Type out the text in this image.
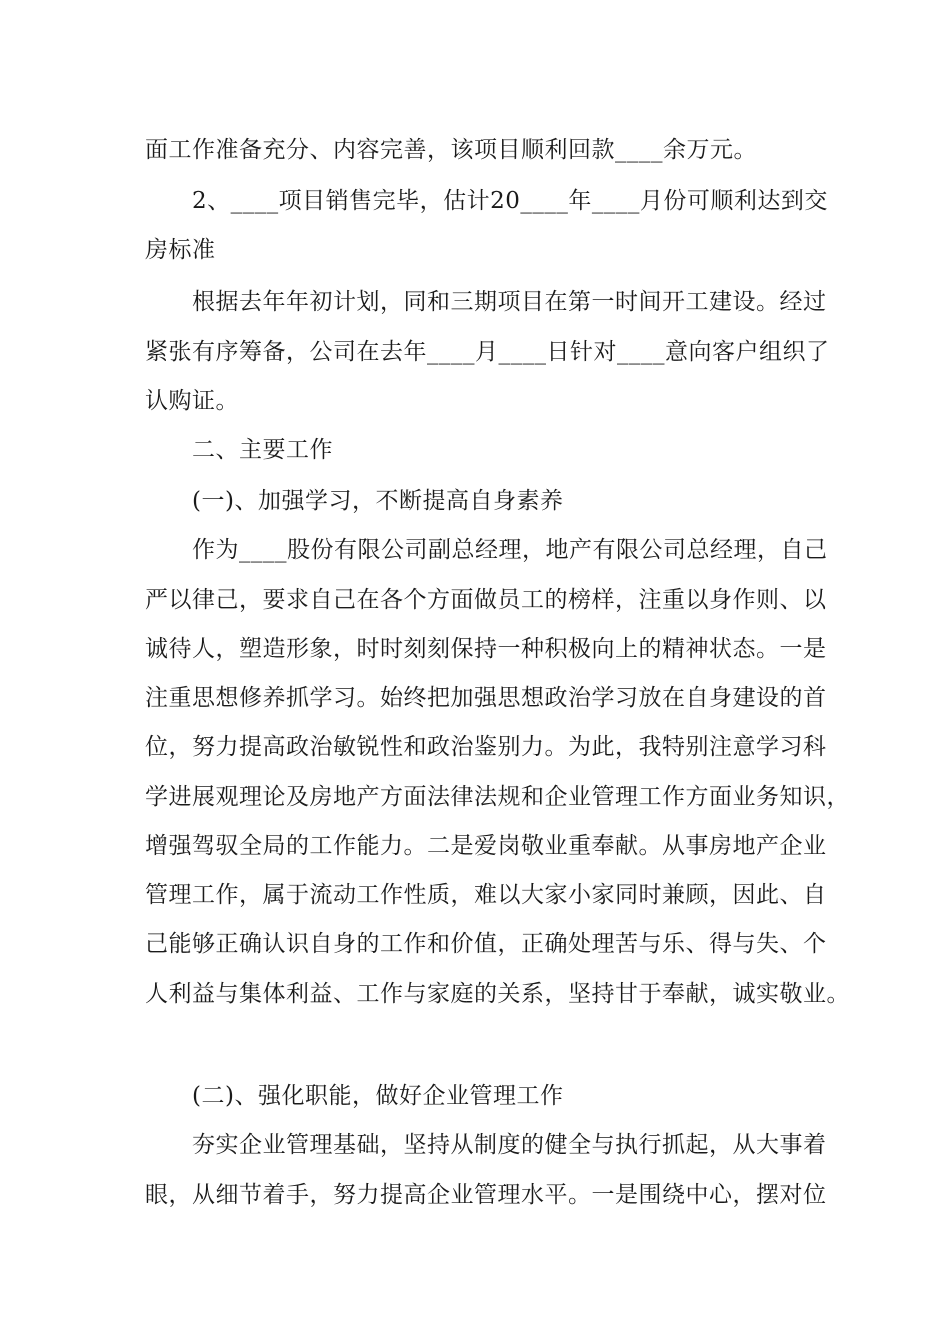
面工作准备充分、内容完善，该项目顺利回款____余万元。
2、____项目销售完毕，估计20____年____月份可顺利达到交
房标准
根据去年年初计划，同和三期项目在第一时间开工建设。经过
紧张有序筹备，公司在去年____月____日针对____意向客户组织了
认购证。
二、主要工作
(一)、加强学习，不断提高自身素养
作为____股份有限公司副总经理，地产有限公司总经理，自己
严以律己，要求自己在各个方面做员工的榜样，注重以身作则、以
诚待人，塑造形象，时时刻刻保持一种积极向上的精神状态。一是
注重思想修养抓学习。始终把加强思想政治学习放在自身建设的首
位，努力提高政治敏锐性和政治鉴别力。为此，我特别注意学习科
学进展观理论及房地产方面法律法规和企业管理工作方面业务知识，
增强驾驭全局的工作能力。二是爱岗敬业重奉献。从事房地产企业
管理工作，属于流动工作性质，难以大家小家同时兼顾，因此、自
己能够正确认识自身的工作和价值，正确处理苦与乐、得与失、个
人利益与集体利益、工作与家庭的关系，坚持甘于奉献，诚实敬业。
(二)、强化职能，做好企业管理工作
夯实企业管理基础，坚持从制度的健全与执行抓起，从大事着
眼，从细节着手，努力提高企业管理水平。一是围绕中心，摆对位
